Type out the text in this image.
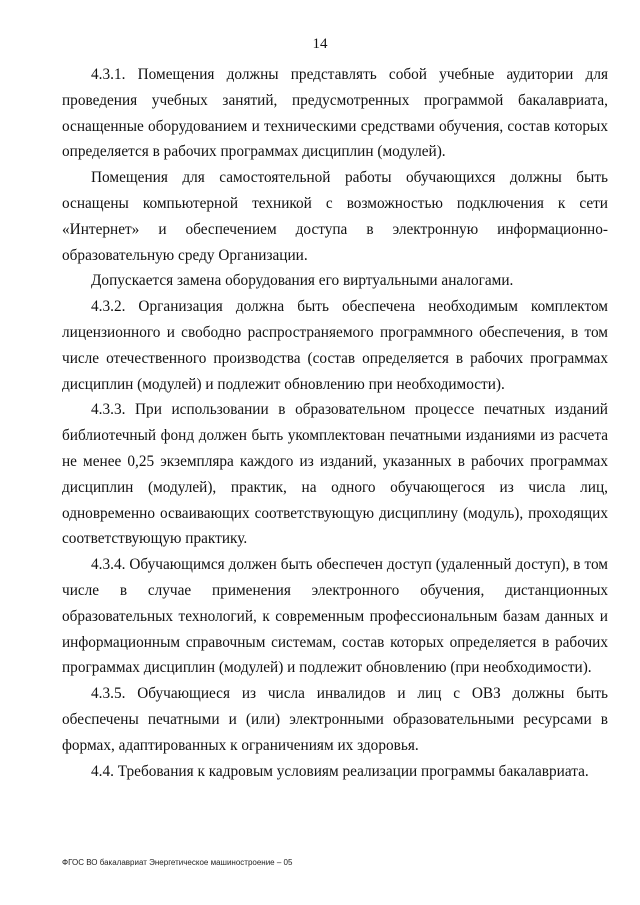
14

4.3.1. Помещения должны представлять собой учебные аудитории для проведения учебных занятий, предусмотренных программой бакалавриата, оснащенные оборудованием и техническими средствами обучения, состав которых определяется в рабочих программах дисциплин (модулей).

Помещения для самостоятельной работы обучающихся должны быть оснащены компьютерной техникой с возможностью подключения к сети «Интернет» и обеспечением доступа в электронную информационно-образовательную среду Организации.

Допускается замена оборудования его виртуальными аналогами.

4.3.2. Организация должна быть обеспечена необходимым комплектом лицензионного и свободно распространяемого программного обеспечения, в том числе отечественного производства (состав определяется в рабочих программах дисциплин (модулей) и подлежит обновлению при необходимости).

4.3.3. При использовании в образовательном процессе печатных изданий библиотечный фонд должен быть укомплектован печатными изданиями из расчета не менее 0,25 экземпляра каждого из изданий, указанных в рабочих программах дисциплин (модулей), практик, на одного обучающегося из числа лиц, одновременно осваивающих соответствующую дисциплину (модуль), проходящих соответствующую практику.

4.3.4. Обучающимся должен быть обеспечен доступ (удаленный доступ), в том числе в случае применения электронного обучения, дистанционных образовательных технологий, к современным профессиональным базам данных и информационным справочным системам, состав которых определяется в рабочих программах дисциплин (модулей) и подлежит обновлению (при необходимости).

4.3.5. Обучающиеся из числа инвалидов и лиц с ОВЗ должны быть обеспечены печатными и (или) электронными образовательными ресурсами в формах, адаптированных к ограничениям их здоровья.

4.4. Требования к кадровым условиям реализации программы бакалавриата.

ФГОС ВО бакалавриат Энергетическое машиностроение – 05
